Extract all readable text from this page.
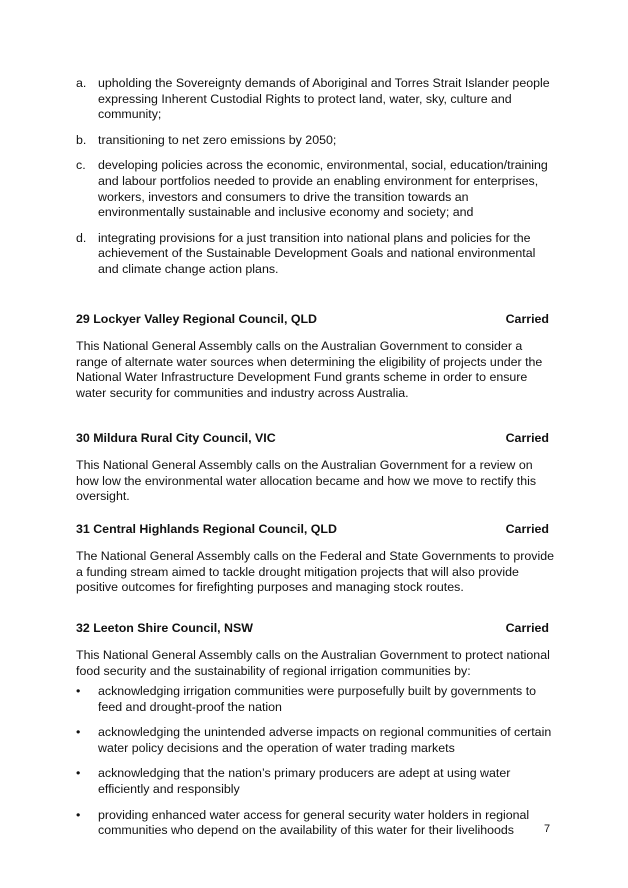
a. upholding the Sovereignty demands of Aboriginal and Torres Strait Islander people expressing Inherent Custodial Rights to protect land, water, sky, culture and community;
b. transitioning to net zero emissions by 2050;
c. developing policies across the economic, environmental, social, education/training and labour portfolios needed to provide an enabling environment for enterprises, workers, investors and consumers to drive the transition towards an environmentally sustainable and inclusive economy and society; and
d. integrating provisions for a just transition into national plans and policies for the achievement of the Sustainable Development Goals and national environmental and climate change action plans.
29 Lockyer Valley Regional Council, QLD	Carried

This National General Assembly calls on the Australian Government to consider a range of alternate water sources when determining the eligibility of projects under the National Water Infrastructure Development Fund grants scheme in order to ensure water security for communities and industry across Australia.

30 Mildura Rural City Council, VIC	Carried

This National General Assembly calls on the Australian Government for a review on how low the environmental water allocation became and how we move to rectify this oversight.

31 Central Highlands Regional Council, QLD	Carried

The National General Assembly calls on the Federal and State Governments to provide a funding stream aimed to tackle drought mitigation projects that will also provide positive outcomes for firefighting purposes and managing stock routes.

32 Leeton Shire Council, NSW	Carried

This National General Assembly calls on the Australian Government to protect national food security and the sustainability of regional irrigation communities by:

• acknowledging irrigation communities were purposefully built by governments to feed and drought-proof the nation
• acknowledging the unintended adverse impacts on regional communities of certain water policy decisions and the operation of water trading markets
• acknowledging that the nation’s primary producers are adept at using water efficiently and responsibly
• providing enhanced water access for general security water holders in regional communities who depend on the availability of this water for their livelihoods	7
